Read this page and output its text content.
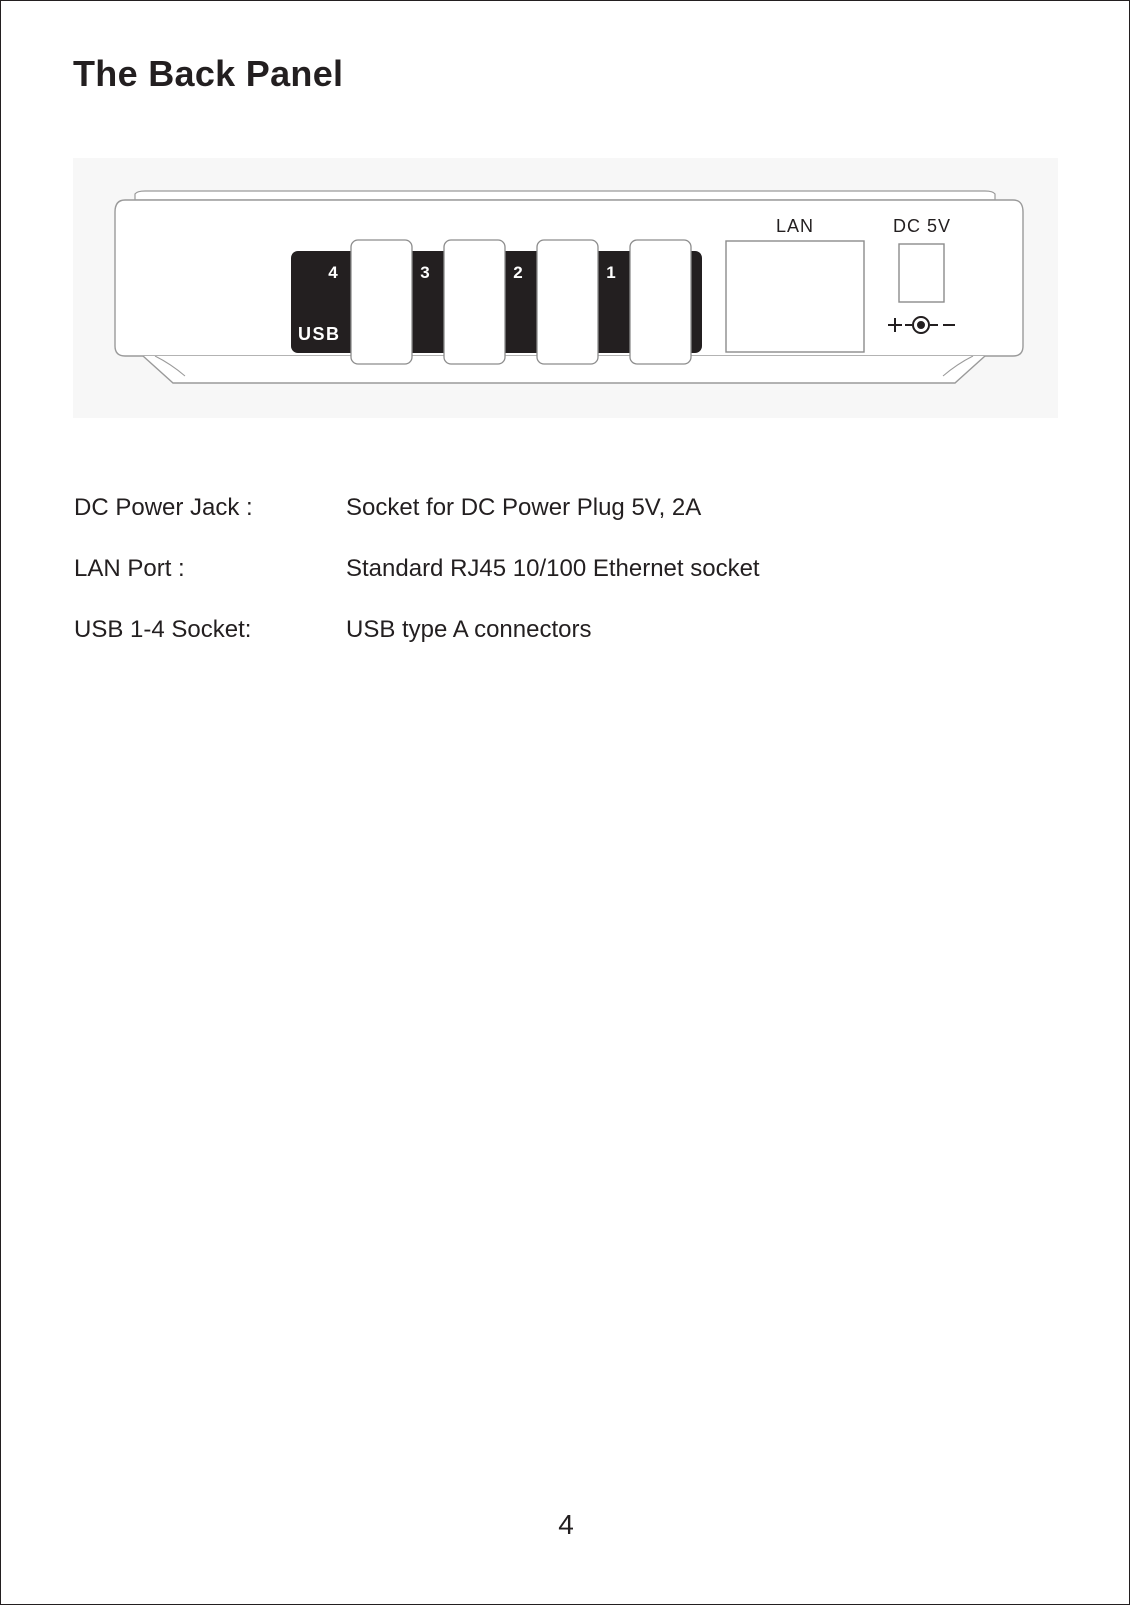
The Back Panel
4	3	2	1
USB
LAN	DC 5V
DC Power Jack :	Socket for DC Power Plug 5V, 2A
LAN Port :	Standard RJ45 10/100 Ethernet socket
USB 1-4 Socket:	USB type A connectors
4
